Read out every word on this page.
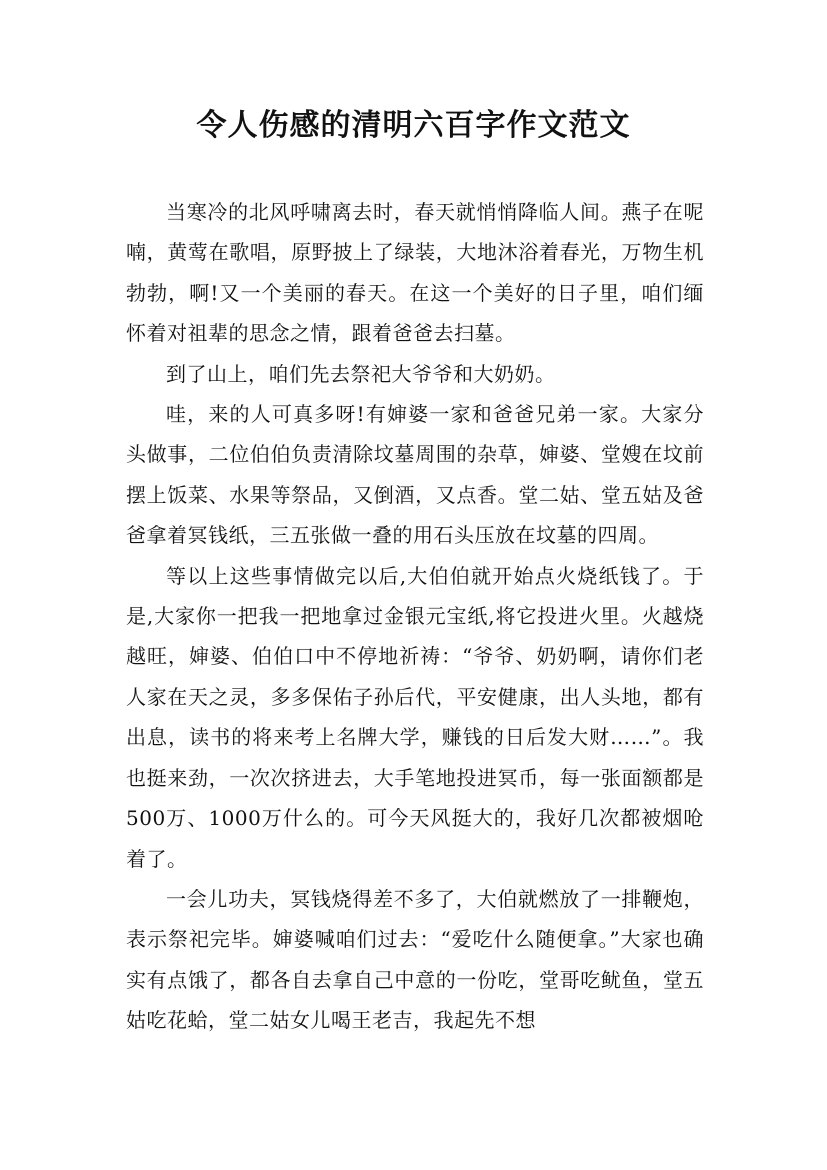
令人伤感的清明六百字作文范文

当寒冷的北风呼啸离去时，春天就悄悄降临人间。燕子在呢喃，黄莺在歌唱，原野披上了绿装，大地沐浴着春光，万物生机勃勃，啊!又一个美丽的春天。在这一个美好的日子里，咱们缅怀着对祖辈的思念之情，跟着爸爸去扫墓。

到了山上，咱们先去祭祀大爷爷和大奶奶。

哇，来的人可真多呀!有婶婆一家和爸爸兄弟一家。大家分头做事，二位伯伯负责清除坟墓周围的杂草，婶婆、堂嫂在坟前摆上饭菜、水果等祭品，又倒酒，又点香。堂二姑、堂五姑及爸爸拿着冥钱纸，三五张做一叠的用石头压放在坟墓的四周。

等以上这些事情做完以后,大伯伯就开始点火烧纸钱了。于是,大家你一把我一把地拿过金银元宝纸,将它投进火里。火越烧越旺，婶婆、伯伯口中不停地祈祷：“爷爷、奶奶啊，请你们老人家在天之灵，多多保佑子孙后代，平安健康，出人头地，都有出息，读书的将来考上名牌大学，赚钱的日后发大财……”。我也挺来劲，一次次挤进去，大手笔地投进冥币，每一张面额都是500万、1000万什么的。可今天风挺大的，我好几次都被烟呛着了。

一会儿功夫，冥钱烧得差不多了，大伯就燃放了一排鞭炮，表示祭祀完毕。婶婆喊咱们过去：“爱吃什么随便拿。”大家也确实有点饿了，都各自去拿自己中意的一份吃，堂哥吃鱿鱼，堂五姑吃花蛤，堂二姑女儿喝王老吉，我起先不想
